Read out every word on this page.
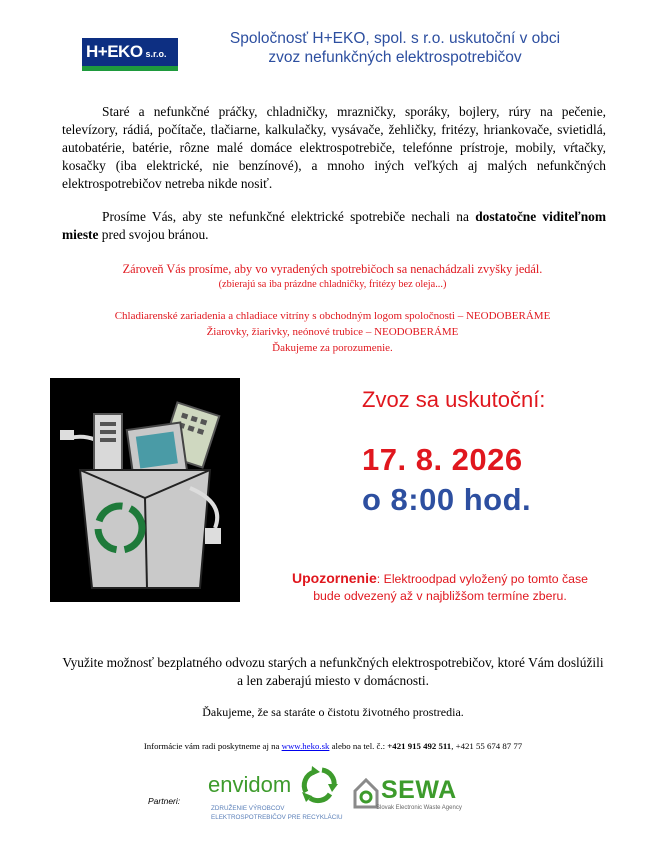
H+EKO s.r.o.
Spoločnosť H+EKO, spol. s r.o. uskutoční v obci
zvoz nefunkčných elektrospotrebičov
Staré a nefunkčné práčky, chladničky, mrazničky, sporáky, bojlery, rúry na pečenie, televízory, rádiá, počítače, tlačiarne, kalkulačky, vysávače, žehličky, fritézy, hriankovače, svietidlá, autobatérie, batérie, rôzne malé domáce elektrospotrebiče, telefónne prístroje, mobily, vŕtačky, kosačky (iba elektrické, nie benzínové), a mnoho iných veľkých aj malých nefunkčných elektrospotrebičov netreba nikde nosiť.
Prosíme Vás, aby ste nefunkčné elektrické spotrebiče nechali na dostatočne viditeľnom mieste pred svojou bránou.
Zároveň Vás prosíme, aby vo vyradených spotrebičoch sa nenachádzali zvyšky jedál.
(zbierajú sa iba prázdne chladničky, fritézy bez oleja...)
Chladiarenské zariadenia a chladiace vitríny s obchodným logom spoločnosti – NEODOBERÁME
Žiarovky, žiarivky, neónové trubice – NEODOBERÁME
Ďakujeme za porozumenie.
Zvoz sa uskutoční:
17. 8. 2026
o 8:00 hod.
Upozornenie: Elektroodpad vyložený po tomto čase
bude odvezený až v najbližšom termíne zberu.
Využite možnosť bezplatného odvozu starých a nefunkčných elektrospotrebičov, ktoré Vám doslúžili a len zaberajú miesto v domácnosti.
Ďakujeme, že sa staráte o čistotu životného prostredia.
Informácie vám radi poskytneme aj na www.heko.sk alebo na tel. č.: +421 915 492 511, +421 55 674 87 77
Partneri:
envidom
ZDRUŽENIE VÝROBCOV
ELEKTROSPOTREBIČOV PRE RECYKLÁCIU
SEWA
Slovak Electronic Waste Agency
